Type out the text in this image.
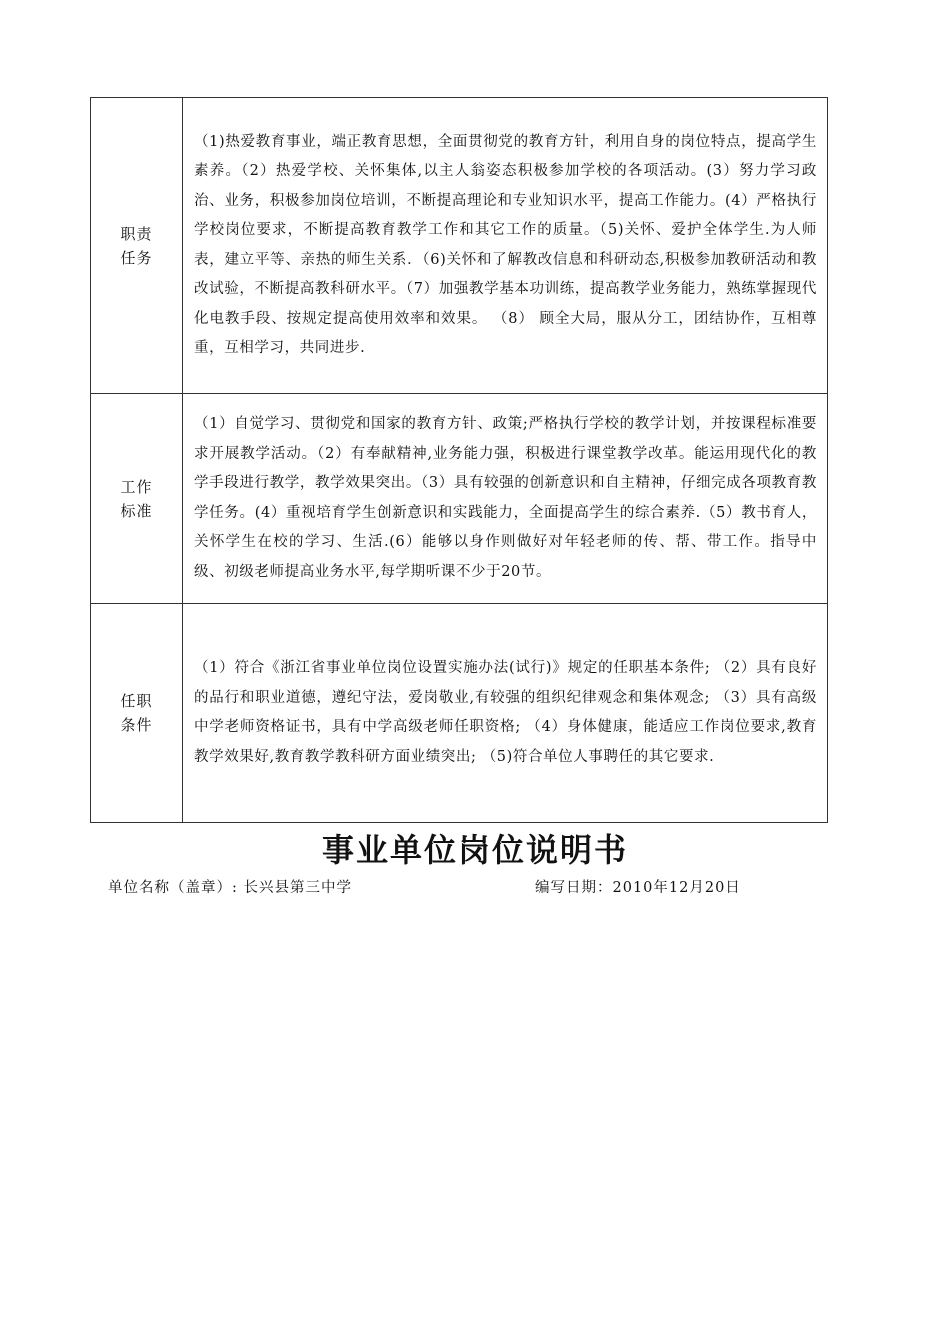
职责
任务	（1)热爱教育事业，端正教育思想，全面贯彻党的教育方针，利用自身的岗位特点，提高学生素养。（2）热爱学校、关怀集体,以主人翁姿态积极参加学校的各项活动。(3）努力学习政治、业务，积极参加岗位培训，不断提高理论和专业知识水平，提高工作能力。(4）严格执行学校岗位要求，不断提高教育教学工作和其它工作的质量。（5)关怀、爱护全体学生.为人师表，建立平等、亲热的师生关系．（6)关怀和了解教改信息和科研动态,积极参加教研活动和教改试验，不断提高教科研水平。（7）加强教学基本功训练，提高教学业务能力，熟练掌握现代化电教手段、按规定提高使用效率和效果。 （8） 顾全大局，服从分工，团结协作，互相尊重，互相学习，共同进步.

工作
标准	（1）自觉学习、贯彻党和国家的教育方针、政策;严格执行学校的教学计划，并按课程标准要求开展教学活动。（2）有奉献精神,业务能力强，积极进行课堂教学改革。能运用现代化的教学手段进行教学，教学效果突出。（3）具有较强的创新意识和自主精神，仔细完成各项教育教学任务。(4）重视培育学生创新意识和实践能力，全面提高学生的综合素养.（5）教书育人，关怀学生在校的学习、生活.(6）能够以身作则做好对年轻老师的传、帮、带工作。指导中级、初级老师提高业务水平,每学期听课不少于20节。

任职
条件	（1）符合《浙江省事业单位岗位设置实施办法(试行)》规定的任职基本条件; （2）具有良好的品行和职业道德，遵纪守法，爱岗敬业,有较强的组织纪律观念和集体观念; （3）具有高级中学老师资格证书，具有中学高级老师任职资格; （4）身体健康，能适应工作岗位要求,教育教学效果好,教育教学教科研方面业绩突出; （5)符合单位人事聘任的其它要求.
事业单位岗位说明书
单位名称（盖章）: 长兴县第三中学	编写日期：2010年12月20日
